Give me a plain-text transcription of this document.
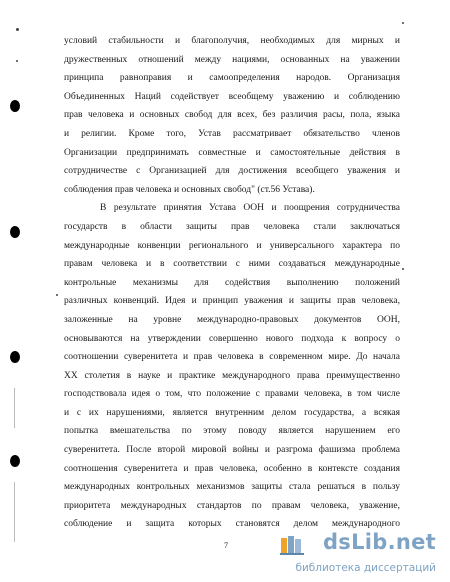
условий стабильности и благополучия, необходимых для мирных и
дружественных отношений между нациями, основанных на уважении
принципа равноправия и самоопределения народов. Организация
Объединенных Наций содействует всеобщему уважению и соблюдению
прав человека и основных свобод для всех, без различия расы, пола, языка
и религии. Кроме того, Устав рассматривает обязательство членов
Организации предпринимать совместные и самостоятельные действия в
сотрудничестве с Организацией для достижения всеобщего уважения и
соблюдения прав человека и основных свобод" (ст.56 Устава).
В результате принятия Устава ООН и поощрения сотрудничества
государств в области защиты прав человека стали заключаться
международные конвенции регионального и универсального характера по
правам человека и в соответствии с ними создаваться международные
контрольные механизмы для содействия выполнению положений
различных конвенций. Идея и принцип уважения и защиты прав человека,
заложенные на уровне международно-правовых документов ООН,
основываются на утверждении совершенно нового подхода к вопросу о
соотношении суверенитета и прав человека в современном мире. До начала
XX столетия в науке и практике международного права преимущественно
господствовала идея о том, что положение с правами человека, в том числе
и с их нарушениями, является внутренним делом государства, а всякая
попытка вмешательства по этому поводу является нарушением его
суверенитета. После второй мировой войны и разгрома фашизма проблема
соотношения суверенитета и прав человека, особенно в контексте создания
международных контрольных механизмов защиты стала решаться в пользу
приоритета международных стандартов по правам человека, уважение,
соблюдение и защита которых становятся делом международного
7	dsLib.net
библиотека диссертаций
